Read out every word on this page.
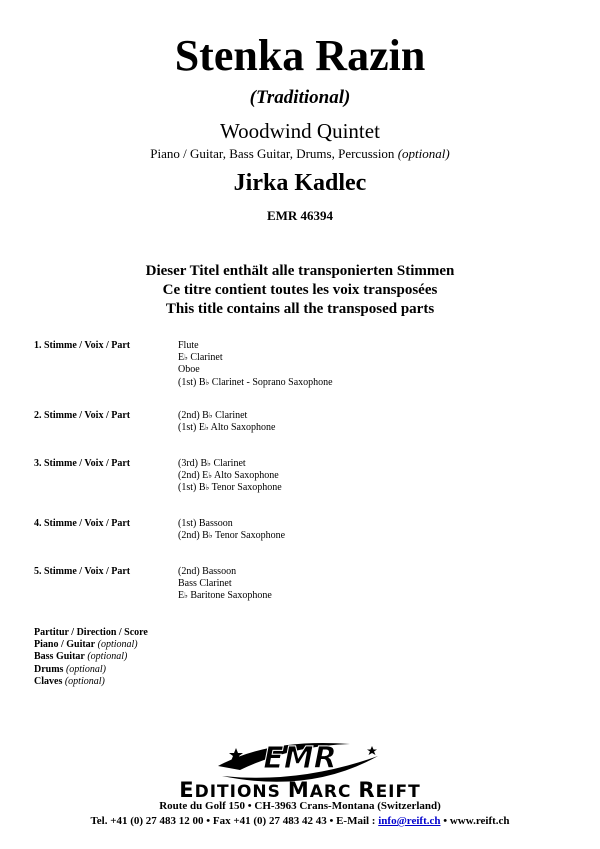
Stenka Razin
(Traditional)
Woodwind Quintet
Piano / Guitar, Bass Guitar, Drums, Percussion (optional)
Jirka Kadlec
EMR 46394
Dieser Titel enthält alle transponierten Stimmen
Ce titre contient toutes les voix transposées
This title contains all the transposed parts
1. Stimme / Voix / Part	Flute
E♭ Clarinet
Oboe
(1st) B♭ Clarinet - Soprano Saxophone
2. Stimme / Voix / Part	(2nd) B♭ Clarinet
(1st) E♭ Alto Saxophone
3. Stimme / Voix / Part	(3rd) B♭ Clarinet
(2nd) E♭ Alto Saxophone
(1st) B♭ Tenor Saxophone
4. Stimme / Voix / Part	(1st) Bassoon
(2nd) B♭ Tenor Saxophone
5. Stimme / Voix / Part	(2nd) Bassoon
Bass Clarinet
E♭ Baritone Saxophone
Partitur / Direction / Score
Piano / Guitar (optional)
Bass Guitar (optional)
Drums (optional)
Claves (optional)
EMR
EDITIONS MARC REIFT
Route du Golf 150 • CH-3963 Crans-Montana (Switzerland)
Tel. +41 (0) 27 483 12 00 • Fax +41 (0) 27 483 42 43 • E-Mail : info@reift.ch • www.reift.ch
